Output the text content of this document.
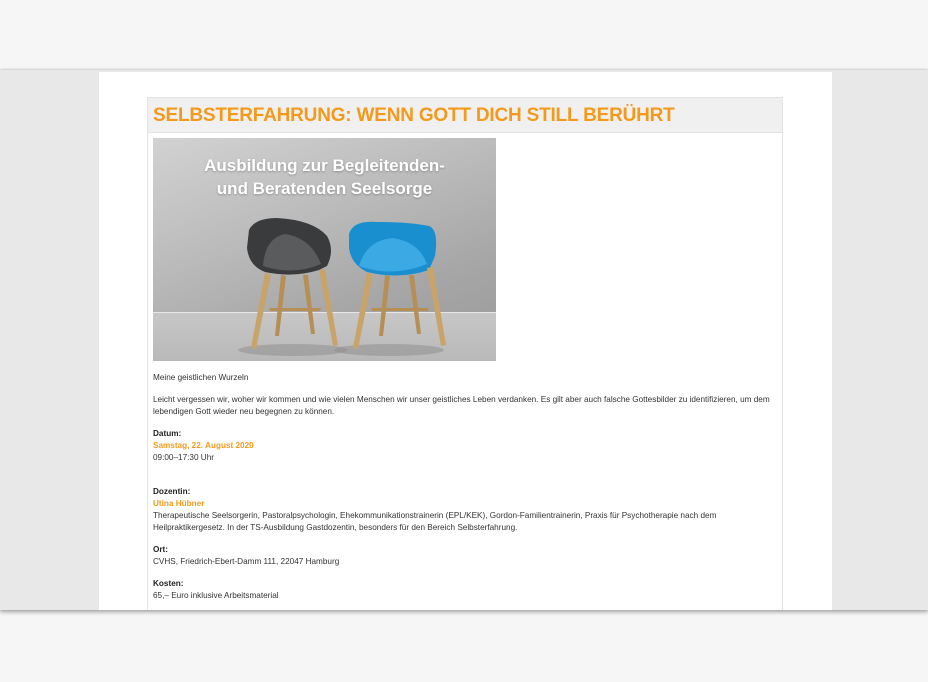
SELBSTERFAHRUNG: WENN GOTT DICH STILL BERÜHRT
Ausbildung zur Begleitenden-
und Beratenden Seelsorge

Meine geistlichen Wurzeln

Leicht vergessen wir, woher wir kommen und wie vielen Menschen wir unser geistliches Leben verdanken. Es gilt aber auch falsche Gottesbilder zu identifizieren, um dem lebendigen Gott wieder neu begegnen zu können.

Datum:
Samstag, 22. August 2020
09:00–17:30 Uhr
Dozentin:
Utina Hübner
Therapeutische Seelsorgerin, Pastoralpsychologin, Ehekommunikationstrainerin (EPL/KEK), Gordon-Familientrainerin, Praxis für Psychotherapie nach dem Heilpraktikergesetz. In der TS-Ausbildung Gastdozentin, besonders für den Bereich Selbsterfahrung.
Ort:
CVHS, Friedrich-Ebert-Damm 111, 22047 Hamburg
Kosten:
65,– Euro inklusive Arbeitsmaterial
